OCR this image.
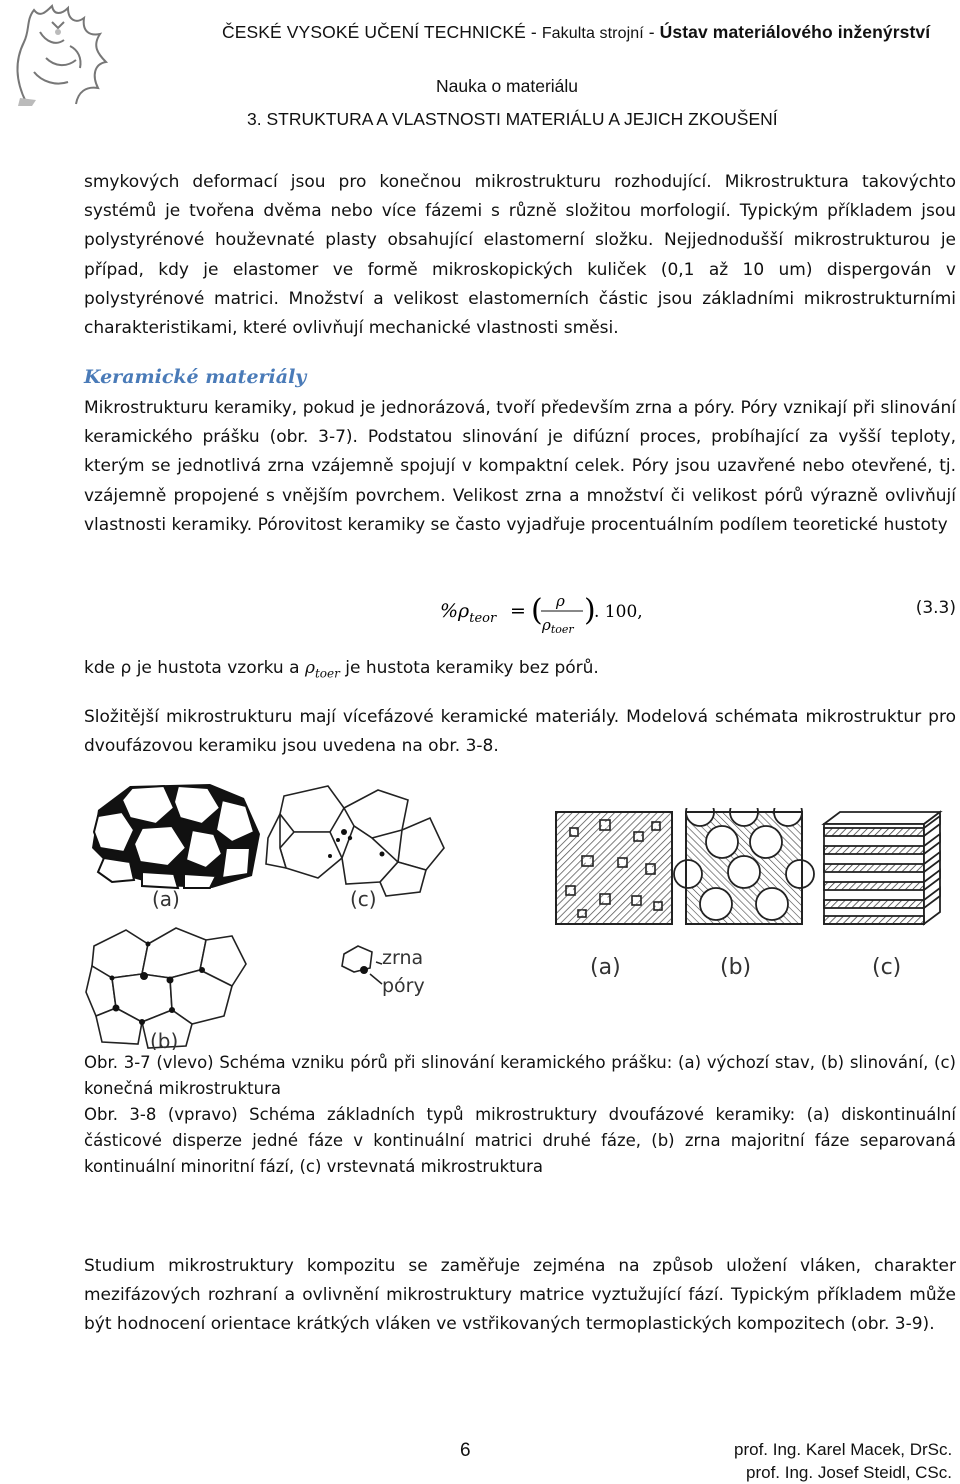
ČESKÉ VYSOKÉ UČENÍ TECHNICKÉ - Fakulta strojní - Ústav materiálového inženýrství
Nauka o materiálu
3. STRUKTURA A VLASTNOSTI MATERIÁLU A JEJICH ZKOUŠENÍ
smykových deformací jsou pro konečnou mikrostrukturu rozhodující. Mikrostruktura takovýchto systémů je tvořena dvěma nebo více fázemi s různě složitou morfologií. Typickým příkladem jsou polystyrénové houževnaté plasty obsahující elastomerní složku. Nejjednodušší mikrostrukturou je případ, kdy je elastomer ve formě mikroskopických kuliček (0,1 až 10 um) dispergován v polystyrénové matrici. Množství a velikost elastomerních částic jsou základními mikrostrukturními charakteristikami, které ovlivňují mechanické vlastnosti směsi.
Keramické materiály
Mikrostrukturu keramiky, pokud je jednorázová, tvoří především zrna a póry. Póry vznikají při slinování keramického prášku (obr. 3-7). Podstatou slinování je difúzní proces, probíhající za vyšší teploty, kterým se jednotlivá zrna vzájemně spojují v kompaktní celek. Póry jsou uzavřené nebo otevřené, tj. vzájemně propojené s vnějším povrchem. Velikost zrna a množství či velikost pórů výrazně ovlivňují vlastnosti keramiky. Pórovitost keramiky se často vyjadřuje procentuálním podílem teoretické hustoty
$\%\rho_{teor}$ = ( ρ
$\rho_{toer}$
)
. 100,	(3.3)
kde ρ je hustota vzorku a $\rho_{toer}$ je hustota keramiky bez pórů.
Složitější mikrostrukturu mají vícefázové keramické materiály. Modelová schémata mikrostruktur pro dvoufázovou keramiku jsou uvedena na obr. 3-8.
(a)	(c)
(b)
zrna
póry
(a)	(b)	(c)
Obr. 3-7 (vlevo) Schéma vzniku pórů při slinování keramického prášku: (a) výchozí stav, (b) slinování, (c) konečná mikrostruktura
Obr. 3-8 (vpravo) Schéma základních typů mikrostruktury dvoufázové keramiky: (a) diskontinuální částicové disperze jedné fáze v kontinuální matrici druhé fáze, (b) zrna majoritní fáze separovaná kontinuální minoritní fází, (c) vrstevnatá mikrostruktura
Studium mikrostruktury kompozitu se zaměřuje zejména na způsob uložení vláken, charakter mezifázových rozhraní a ovlivnění mikrostruktury matrice vyztužující fází. Typickým příkladem může být hodnocení orientace krátkých vláken ve vstřikovaných termoplastických kompozitech (obr. 3-9).
6	prof. Ing. Karel Macek, DrSc.
prof. Ing. Josef Steidl, CSc.
